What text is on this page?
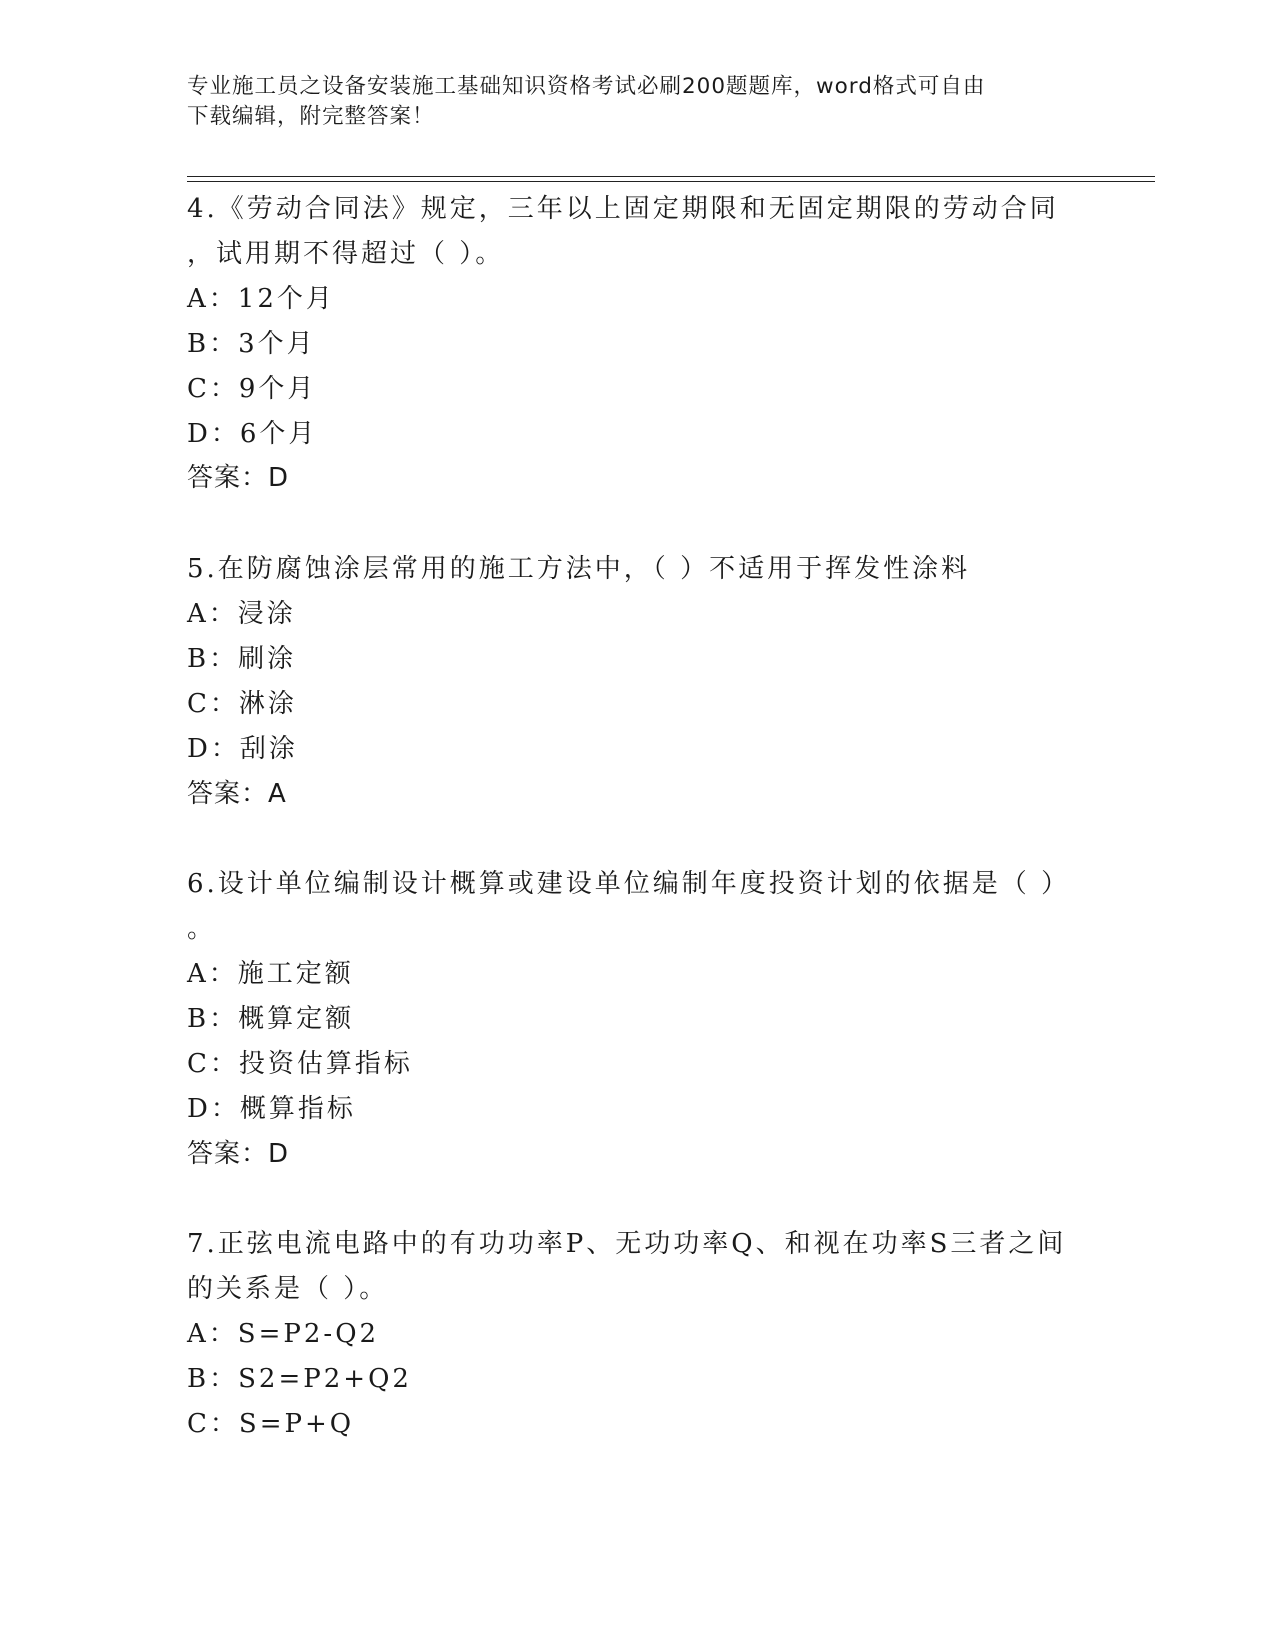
专业施工员之设备安装施工基础知识资格考试必刷200题题库，word格式可自由
下载编辑，附完整答案！
4.《劳动合同法》规定，三年以上固定期限和无固定期限的劳动合同
，试用期不得超过（ ）。
A：12个月
B：3个月
C：9个月
D：6个月
答案：D
5.在防腐蚀涂层常用的施工方法中，（ ）不适用于挥发性涂料
A：浸涂
B：刷涂
C：淋涂
D：刮涂
答案：A
6.设计单位编制设计概算或建设单位编制年度投资计划的依据是（ ）
。
A：施工定额
B：概算定额
C：投资估算指标
D：概算指标
答案：D
7.正弦电流电路中的有功功率P、无功功率Q、和视在功率S三者之间
的关系是（ ）。
A：S=P2-Q2
B：S2=P2+Q2
C：S=P+Q
